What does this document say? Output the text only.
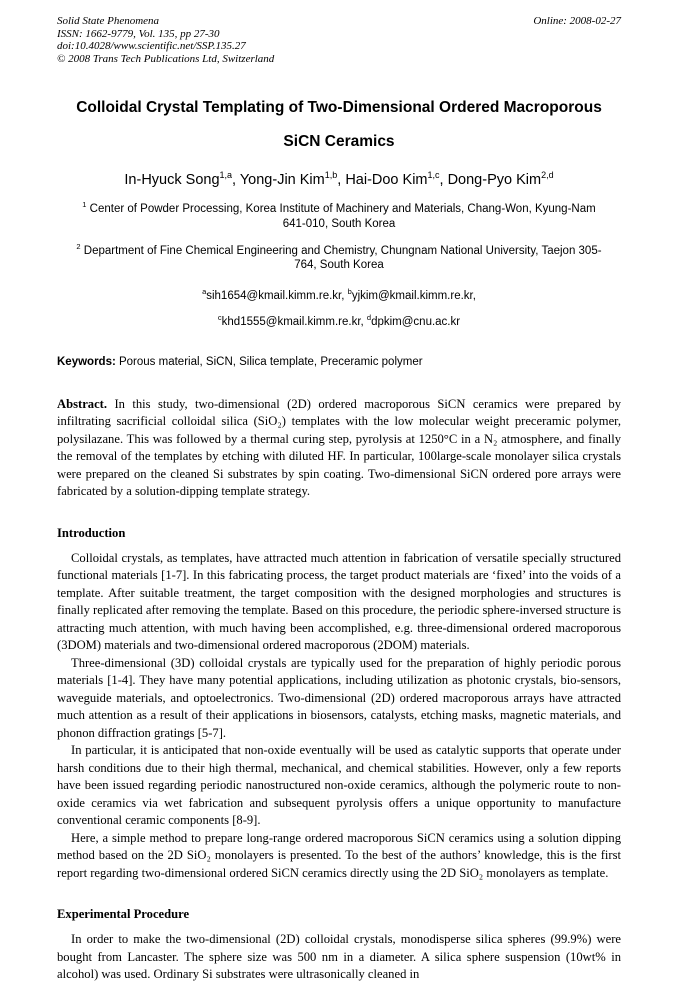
Solid State Phenomena
ISSN: 1662-9779, Vol. 135, pp 27-30
doi:10.4028/www.scientific.net/SSP.135.27
© 2008 Trans Tech Publications Ltd, Switzerland
Online: 2008-02-27
Colloidal Crystal Templating of Two-Dimensional Ordered Macroporous SiCN Ceramics
In-Hyuck Song$^{1,a}$, Yong-Jin Kim$^{1,b}$, Hai-Doo Kim$^{1,c}$, Dong-Pyo Kim$^{2,d}$
$^1$ Center of Powder Processing, Korea Institute of Machinery and Materials, Chang-Won, Kyung-Nam 641-010, South Korea
$^2$ Department of Fine Chemical Engineering and Chemistry, Chungnam National University, Taejon 305-764, South Korea
$^a$sih1654@kmail.kimm.re.kr, $^b$yjkim@kmail.kimm.re.kr,
$^c$khd1555@kmail.kimm.re.kr, $^d$dpkim@cnu.ac.kr
Keywords: Porous material, SiCN, Silica template, Preceramic polymer

Abstract. In this study, two-dimensional (2D) ordered macroporous SiCN ceramics were prepared by infiltrating sacrificial colloidal silica (SiO₂) templates with the low molecular weight preceramic polymer, polysilazane. This was followed by a thermal curing step, pyrolysis at 1250°C in a N₂ atmosphere, and finally the removal of the templates by etching with diluted HF. In particular, 100large-scale monolayer silica crystals were prepared on the cleaned Si substrates by spin coating. Two-dimensional SiCN ordered pore arrays were fabricated by a solution-dipping template strategy.

Introduction

Colloidal crystals, as templates, have attracted much attention in fabrication of versatile specially structured functional materials [1-7]. In this fabricating process, the target product materials are ‘fixed’ into the voids of a template. After suitable treatment, the target composition with the designed morphologies and structures is finally replicated after removing the template. Based on this procedure, the periodic sphere-inversed structure is attracting much attention, with much having been accomplished, e.g. three-dimensional ordered macroporous (3DOM) materials and two-dimensional ordered macroporous (2DOM) materials.

Three-dimensional (3D) colloidal crystals are typically used for the preparation of highly periodic porous materials [1-4]. They have many potential applications, including utilization as photonic crystals, bio-sensors, waveguide materials, and optoelectronics. Two-dimensional (2D) ordered macroporous arrays have attracted much attention as a result of their applications in biosensors, catalysts, etching masks, magnetic materials, and phonon diffraction gratings [5-7].

In particular, it is anticipated that non-oxide eventually will be used as catalytic supports that operate under harsh conditions due to their high thermal, mechanical, and chemical stabilities. However, only a few reports have been issued regarding periodic nanostructured non-oxide ceramics, although the polymeric route to non-oxide ceramics via wet fabrication and subsequent pyrolysis offers a unique opportunity to manufacture conventional ceramic components [8-9].

Here, a simple method to prepare long-range ordered macroporous SiCN ceramics using a solution dipping method based on the 2D SiO₂ monolayers is presented. To the best of the authors’ knowledge, this is the first report regarding two-dimensional ordered SiCN ceramics directly using the 2D SiO₂ monolayers as template.

Experimental Procedure

In order to make the two-dimensional (2D) colloidal crystals, monodisperse silica spheres (99.9%) were bought from Lancaster. The sphere size was 500 nm in a diameter. A silica sphere suspension (10wt% in alcohol) was used. Ordinary Si substrates were ultrasonically cleaned in
